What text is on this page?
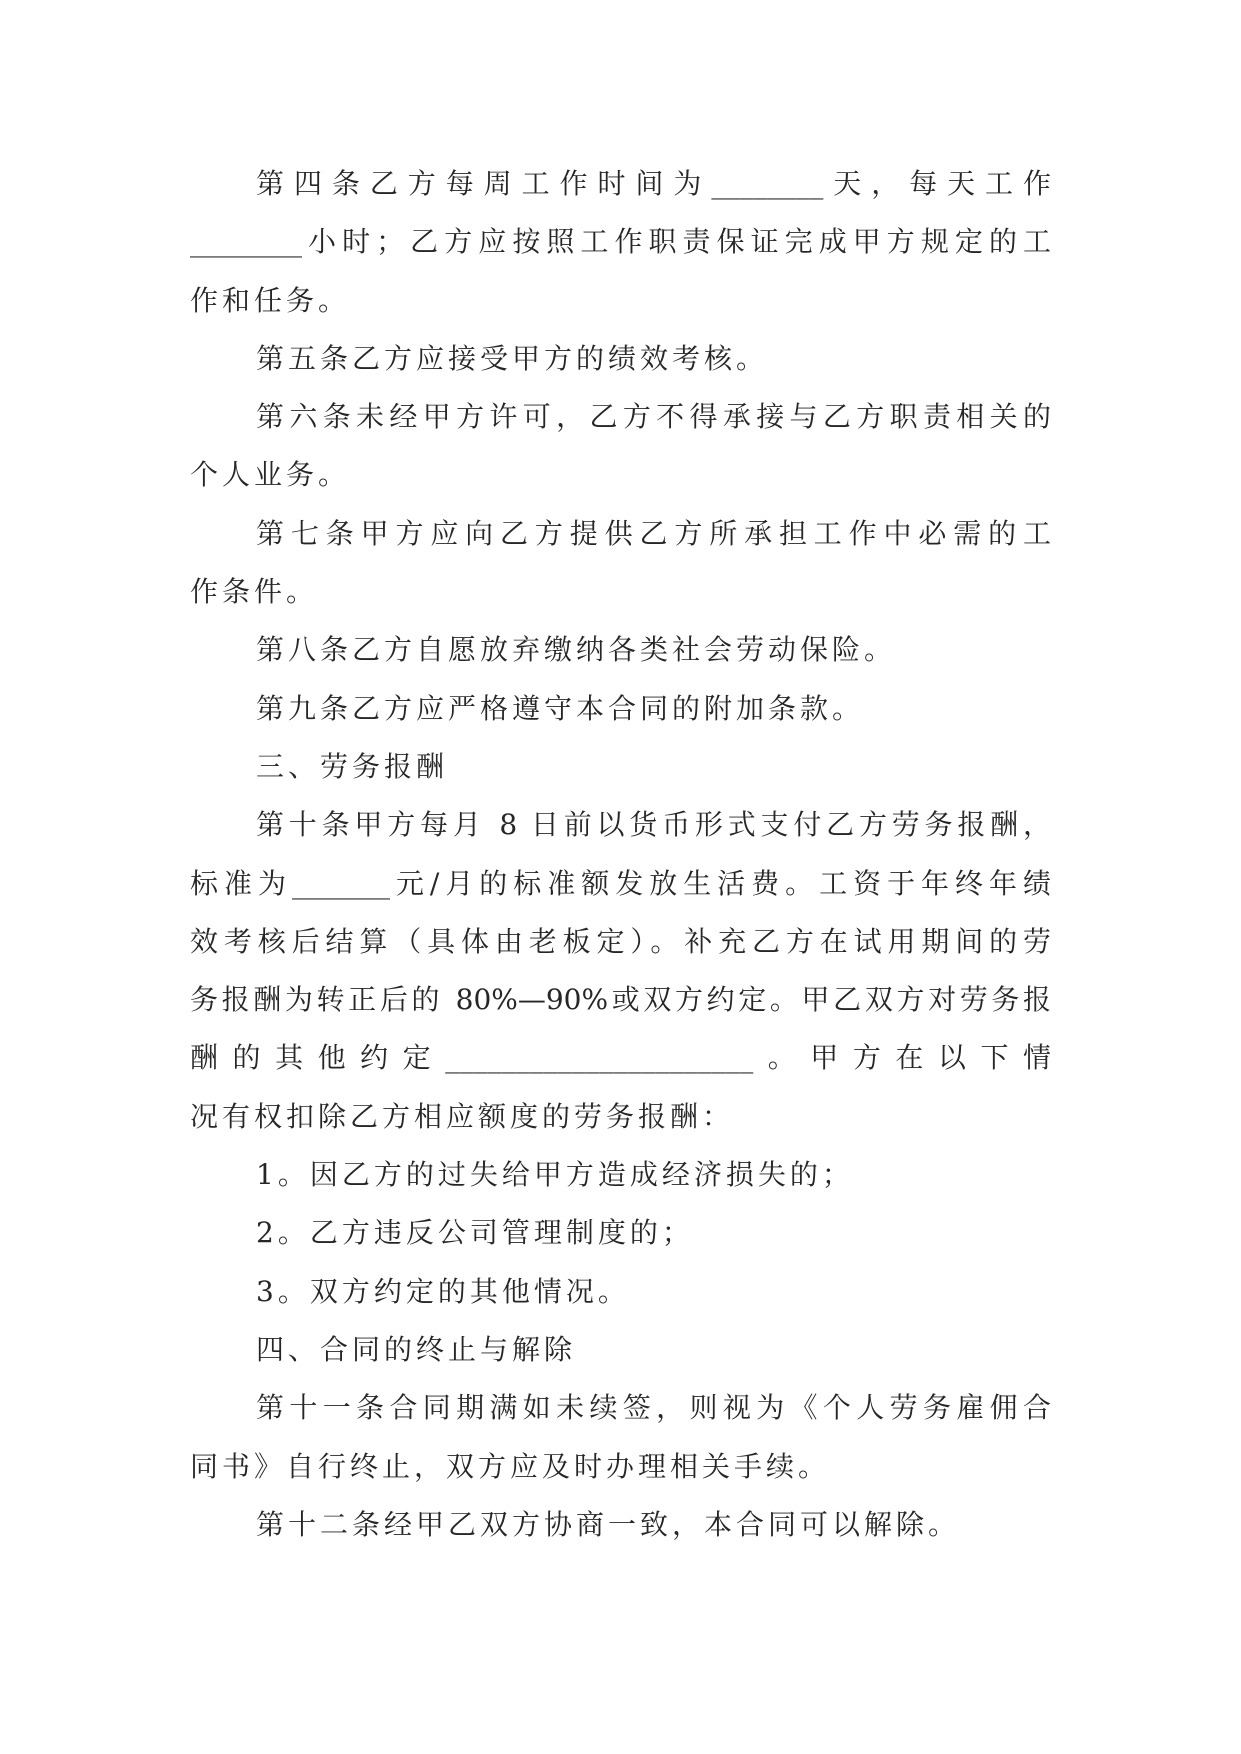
第四条乙方每周工作时间为________天，每天工作
________小时；乙方应按照工作职责保证完成甲方规定的工
作和任务。
第五条乙方应接受甲方的绩效考核。
第六条未经甲方许可，乙方不得承接与乙方职责相关的
个人业务。
第七条甲方应向乙方提供乙方所承担工作中必需的工
作条件。
第八条乙方自愿放弃缴纳各类社会劳动保险。
第九条乙方应严格遵守本合同的附加条款。
三、劳务报酬
第十条甲方每月 8 日前以货币形式支付乙方劳务报酬，
标准为_______元/月的标准额发放生活费。工资于年终年绩
效考核后结算（具体由老板定）。补充乙方在试用期间的劳
务报酬为转正后的 80%—90%或双方约定。甲乙双方对劳务报
酬的其他约定______________________。甲方在以下情
况有权扣除乙方相应额度的劳务报酬：
1。因乙方的过失给甲方造成经济损失的；
2。乙方违反公司管理制度的；
3。双方约定的其他情况。
四、合同的终止与解除
第十一条合同期满如未续签，则视为《个人劳务雇佣合
同书》自行终止，双方应及时办理相关手续。
第十二条经甲乙双方协商一致，本合同可以解除。
